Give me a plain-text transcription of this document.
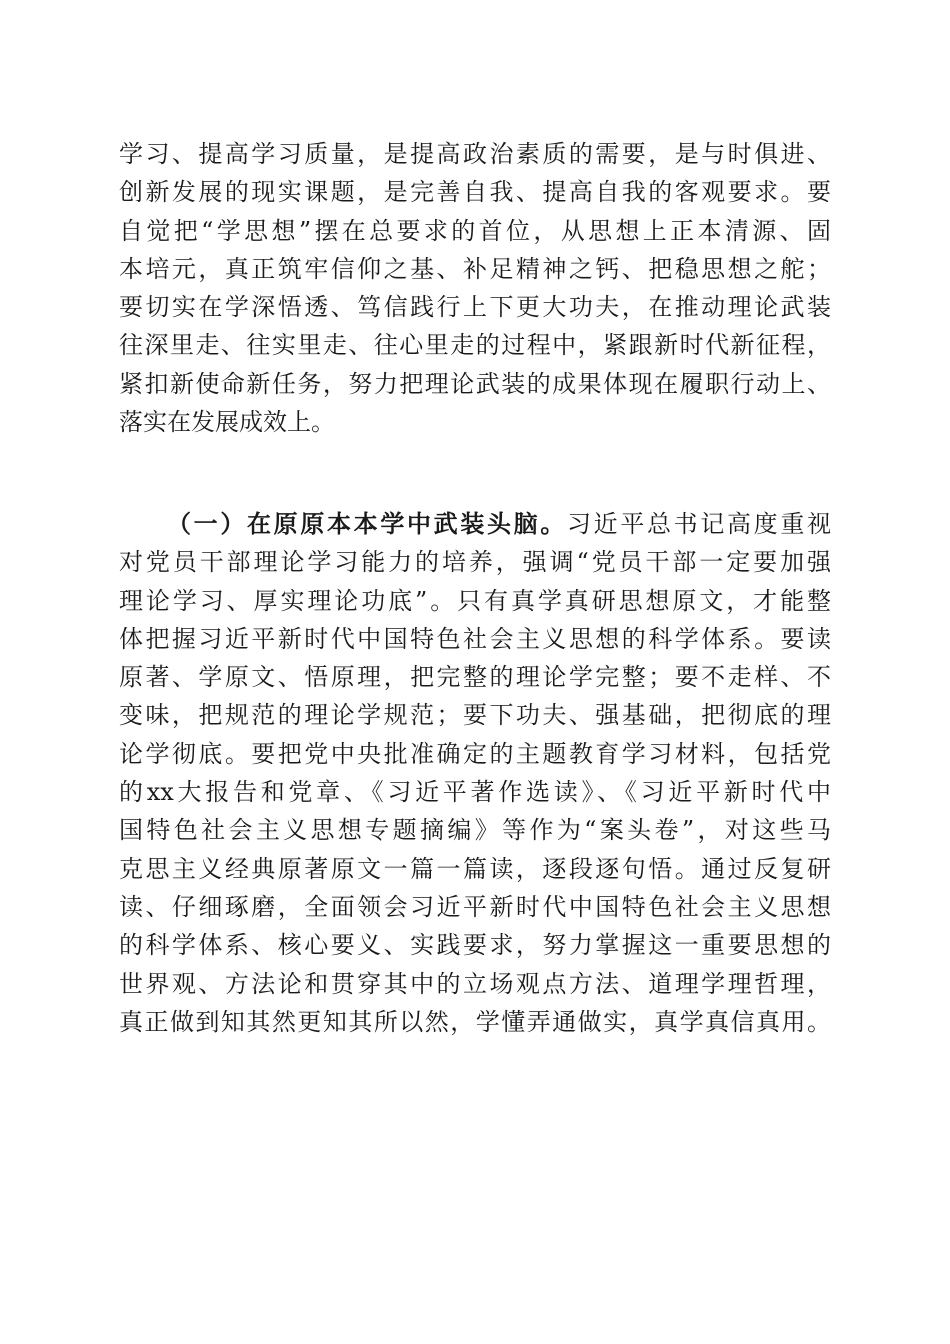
学习、提高学习质量，是提高政治素质的需要，是与时俱进、
创新发展的现实课题，是完善自我、提高自我的客观要求。要
自觉把“学思想”摆在总要求的首位，从思想上正本清源、固
本培元，真正筑牢信仰之基、补足精神之钙、把稳思想之舵；
要切实在学深悟透、笃信践行上下更大功夫，在推动理论武装
往深里走、往实里走、往心里走的过程中，紧跟新时代新征程，
紧扣新使命新任务，努力把理论武装的成果体现在履职行动上、
落实在发展成效上。
（一）在原原本本学中武装头脑。习近平总书记高度重视
对党员干部理论学习能力的培养，强调“党员干部一定要加强
理论学习、厚实理论功底”。只有真学真研思想原文，才能整
体把握习近平新时代中国特色社会主义思想的科学体系。要读
原著、学原文、悟原理，把完整的理论学完整；要不走样、不
变味，把规范的理论学规范；要下功夫、强基础，把彻底的理
论学彻底。要把党中央批准确定的主题教育学习材料，包括党
的xx大报告和党章、《习近平著作选读》、《习近平新时代中
国特色社会主义思想专题摘编》等作为“案头卷”，对这些马
克思主义经典原著原文一篇一篇读，逐段逐句悟。通过反复研
读、仔细琢磨，全面领会习近平新时代中国特色社会主义思想
的科学体系、核心要义、实践要求，努力掌握这一重要思想的
世界观、方法论和贯穿其中的立场观点方法、道理学理哲理，
真正做到知其然更知其所以然，学懂弄通做实，真学真信真用。
